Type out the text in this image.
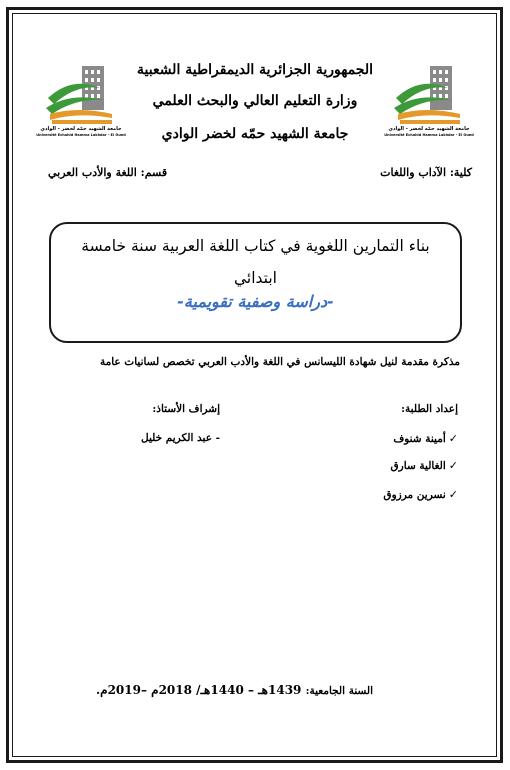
الجمهورية الجزائرية الديمقراطية الشعبية
وزارة التعليم العالي والبحث العلمي
جامعة الشهيد حمّه لخضر الوادي
جامعة الشهيد حمّه لخضر - الوادي
Université Echahid Hamma Lakhdar - El Oued
جامعة الشهيد حمّه لخضر - الوادي
Université Echahid Hamma Lakhdar - El Oued
كلية: الآداب واللغات
قسم: اللغة والأدب العربي
بناء التمارين اللغوية في كتاب اللغة العربية سنة خامسة ابتدائي
-دراسة وصفية تقويمية-
مذكرة مقدمة لنيل شهادة الليسانس في اللغة والأدب العربي تخصص لسانيات عامة
إعداد الطلبة:
✓أمينة شنوف
✓الغالية سارق
✓نسرين مرزوق
إشراف الأستاذ:
- عبد الكريم خليل
السنة الجامعية: 1439هـ – 1440هـ/ 2018م –2019م.
